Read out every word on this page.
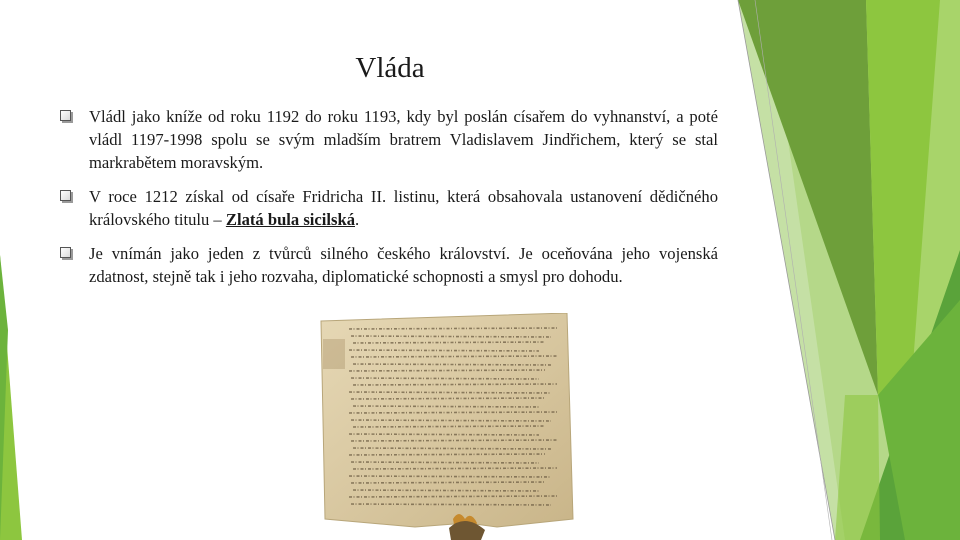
Vláda
Vládl jako kníže od roku 1192 do roku 1193, kdy byl poslán císařem do vyhnanství, a poté vládl 1197-1998 spolu se svým mladším bratrem Vladislavem Jindřichem, který se stal markrabětem moravským.
V roce 1212 získal od císaře Fridricha II. listinu, která obsahovala ustanovení dědičného královského titulu – Zlatá bula sicilská.
Je vnímán jako jeden z tvůrců silného českého království. Je oceňována jeho vojenská zdatnost, stejně tak i jeho rozvaha, diplomatické schopnosti a smysl pro dohodu.
